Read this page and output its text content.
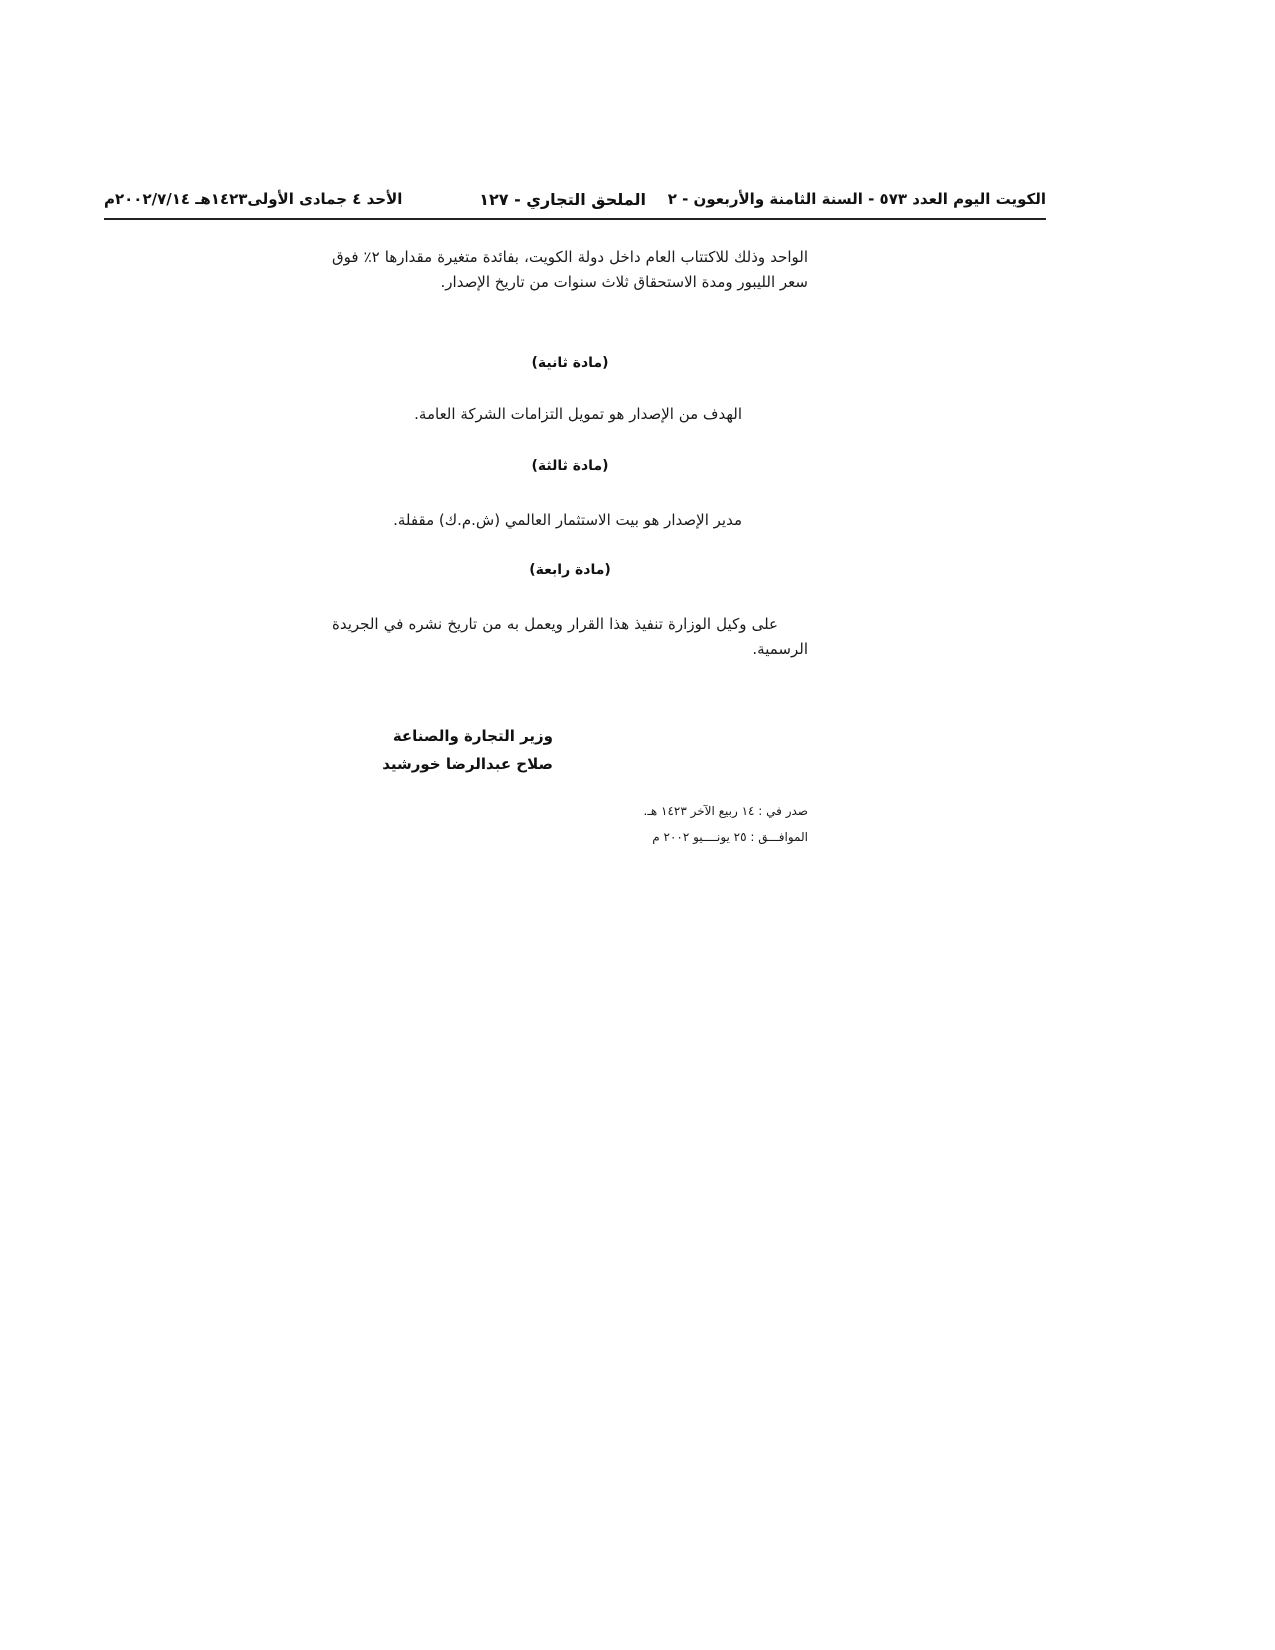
الكويت اليوم العدد ٥٧٣ - السنة الثامنة والأربعون - ٢
الملحق التجاري - ١٢٧
الأحد ٤ جمادى الأولى١٤٢٣هـ ٢٠٠٢/٧/١٤م

الواحد وذلك للاكتتاب العام داخل دولة الكويت، بفائدة متغيرة مقدارها ٢٪ فوق سعر الليبور ومدة الاستحقاق ثلاث سنوات من تاريخ الإصدار.

(مادة ثانية)

الهدف من الإصدار هو تمويل التزامات الشركة العامة.

(مادة ثالثة)

مدير الإصدار هو بيت الاستثمار العالمي (ش.م.ك) مقفلة.

(مادة رابعة)

على وكيل الوزارة تنفيذ هذا القرار ويعمل به من تاريخ نشره في الجريدة الرسمية.

وزير التجارة والصناعة
صلاح عبدالرضا خورشيد
صدر في : ١٤ ربيع الآخر ١٤٢٣ هـ.
الموافـــق : ٢٥ يونــــيو ٢٠٠٢ م
